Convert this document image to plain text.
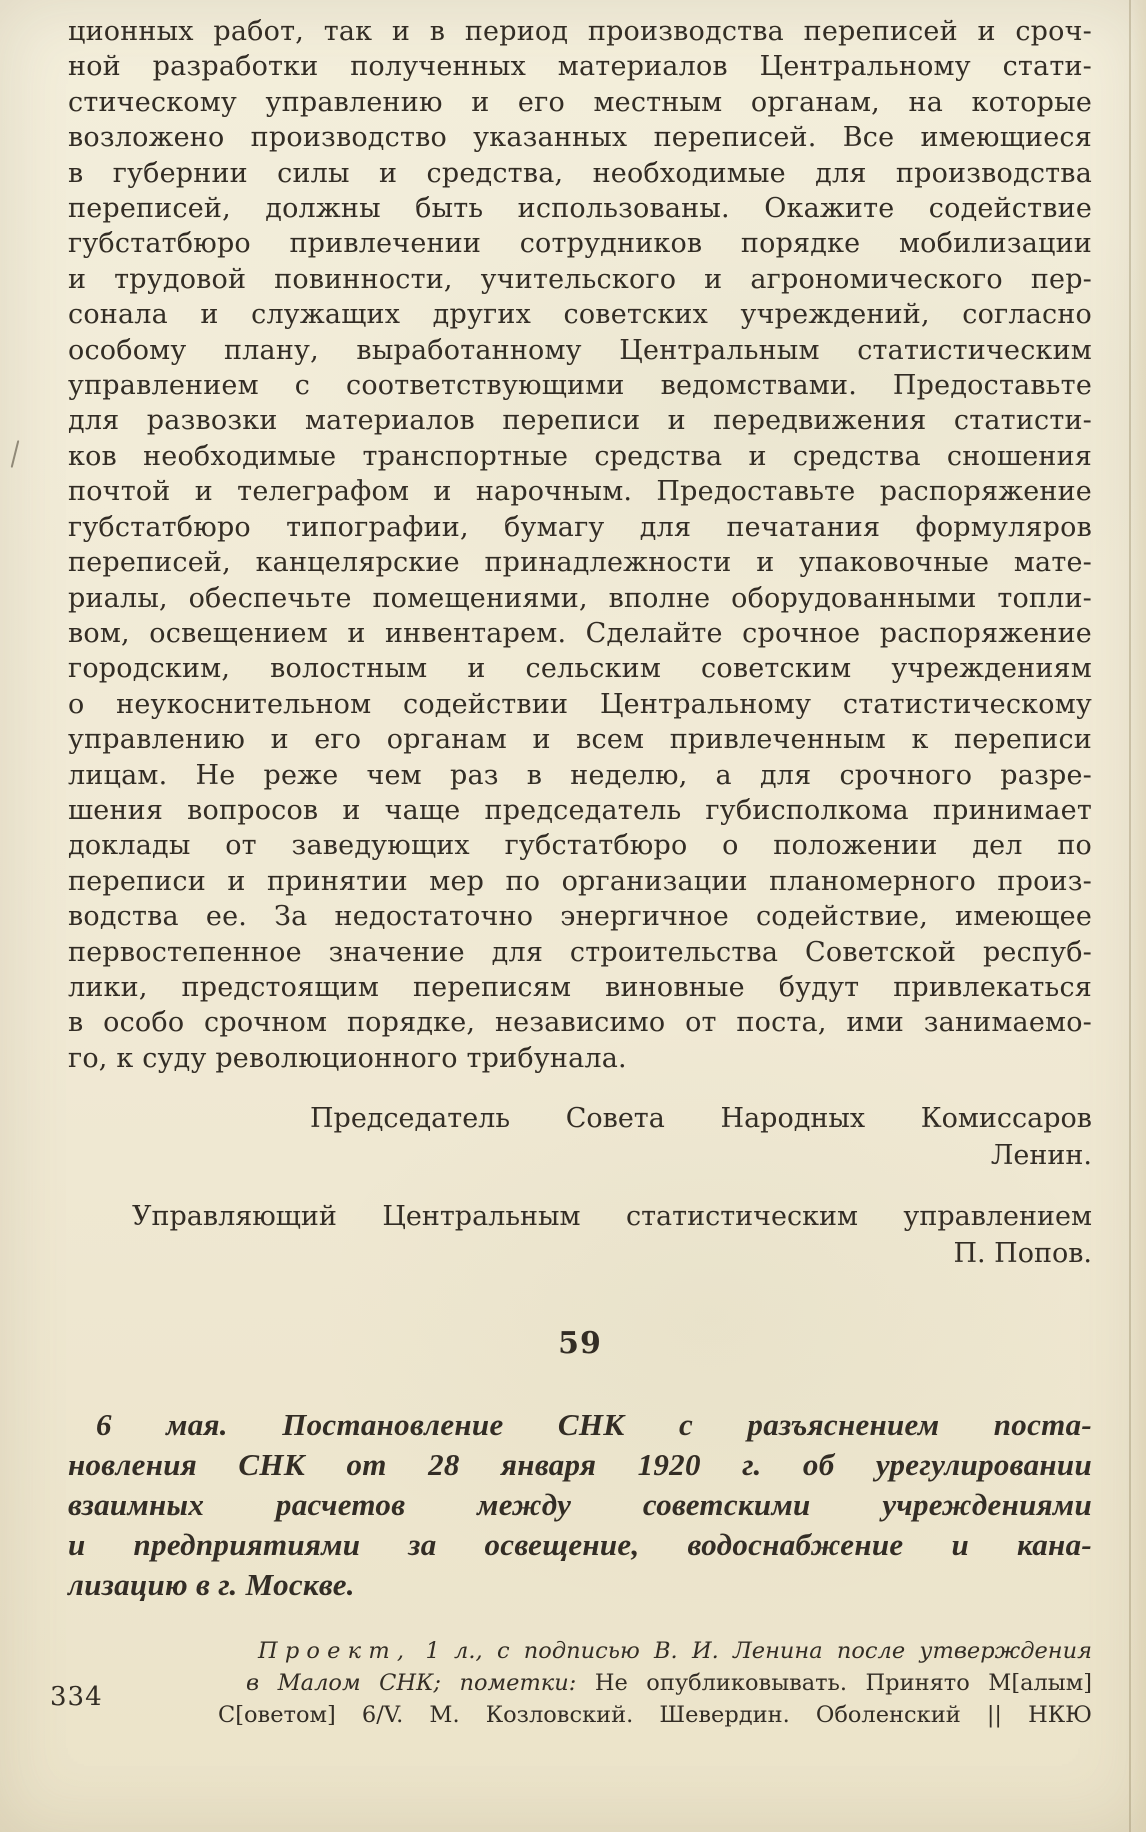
ционных работ, так и в период производства переписей и сроч-
ной разработки полученных материалов Центральному стати-
стическому управлению и его местным органам, на которые
возложено производство указанных переписей. Все имеющиеся
в губернии силы и средства, необходимые для производства
переписей, должны быть использованы. Окажите содействие
губстатбюро привлечении сотрудников порядке мобилизации
и трудовой повинности, учительского и агрономического пер-
сонала и служащих других советских учреждений, согласно
особому плану, выработанному Центральным статистическим
управлением с соответствующими ведомствами. Предоставьте
для развозки материалов переписи и передвижения статисти-
ков необходимые транспортные средства и средства сношения
почтой и телеграфом и нарочным. Предоставьте распоряжение
губстатбюро типографии, бумагу для печатания формуляров
переписей, канцелярские принадлежности и упаковочные мате-
риалы, обеспечьте помещениями, вполне оборудованными топли-
вом, освещением и инвентарем. Сделайте срочное распоряжение
городским, волостным и сельским советским учреждениям
о неукоснительном содействии Центральному статистическому
управлению и его органам и всем привлеченным к переписи
лицам. Не реже чем раз в неделю, а для срочного разре-
шения вопросов и чаще председатель губисполкома принимает
доклады от заведующих губстатбюро о положении дел по
переписи и принятии мер по организации планомерного произ-
водства ее. За недостаточно энергичное содействие, имеющее
первостепенное значение для строительства Советской респуб-
лики, предстоящим переписям виновные будут привлекаться
в особо срочном порядке, независимо от поста, ими занимаемо-
го, к суду революционного трибунала.
Председатель Совета Народных Комиссаров
Ленин.
Управляющий Центральным статистическим управлением
П. Попов.
59
6 мая. Постановление СНК с разъяснением поста-
новления СНК от 28 января 1920 г. об урегулировании
взаимных расчетов между советскими учреждениями
и предприятиями за освещение, водоснабжение и кана-
лизацию в г. Москве.
Проект, 1 л., с подписью В. И. Ленина после утверждения
в Малом СНК; пометки: Не опубликовывать. Принято М[алым]
С[оветом] 6/V. М. Козловский. Шевердин. Оболенский || НКЮ
334
